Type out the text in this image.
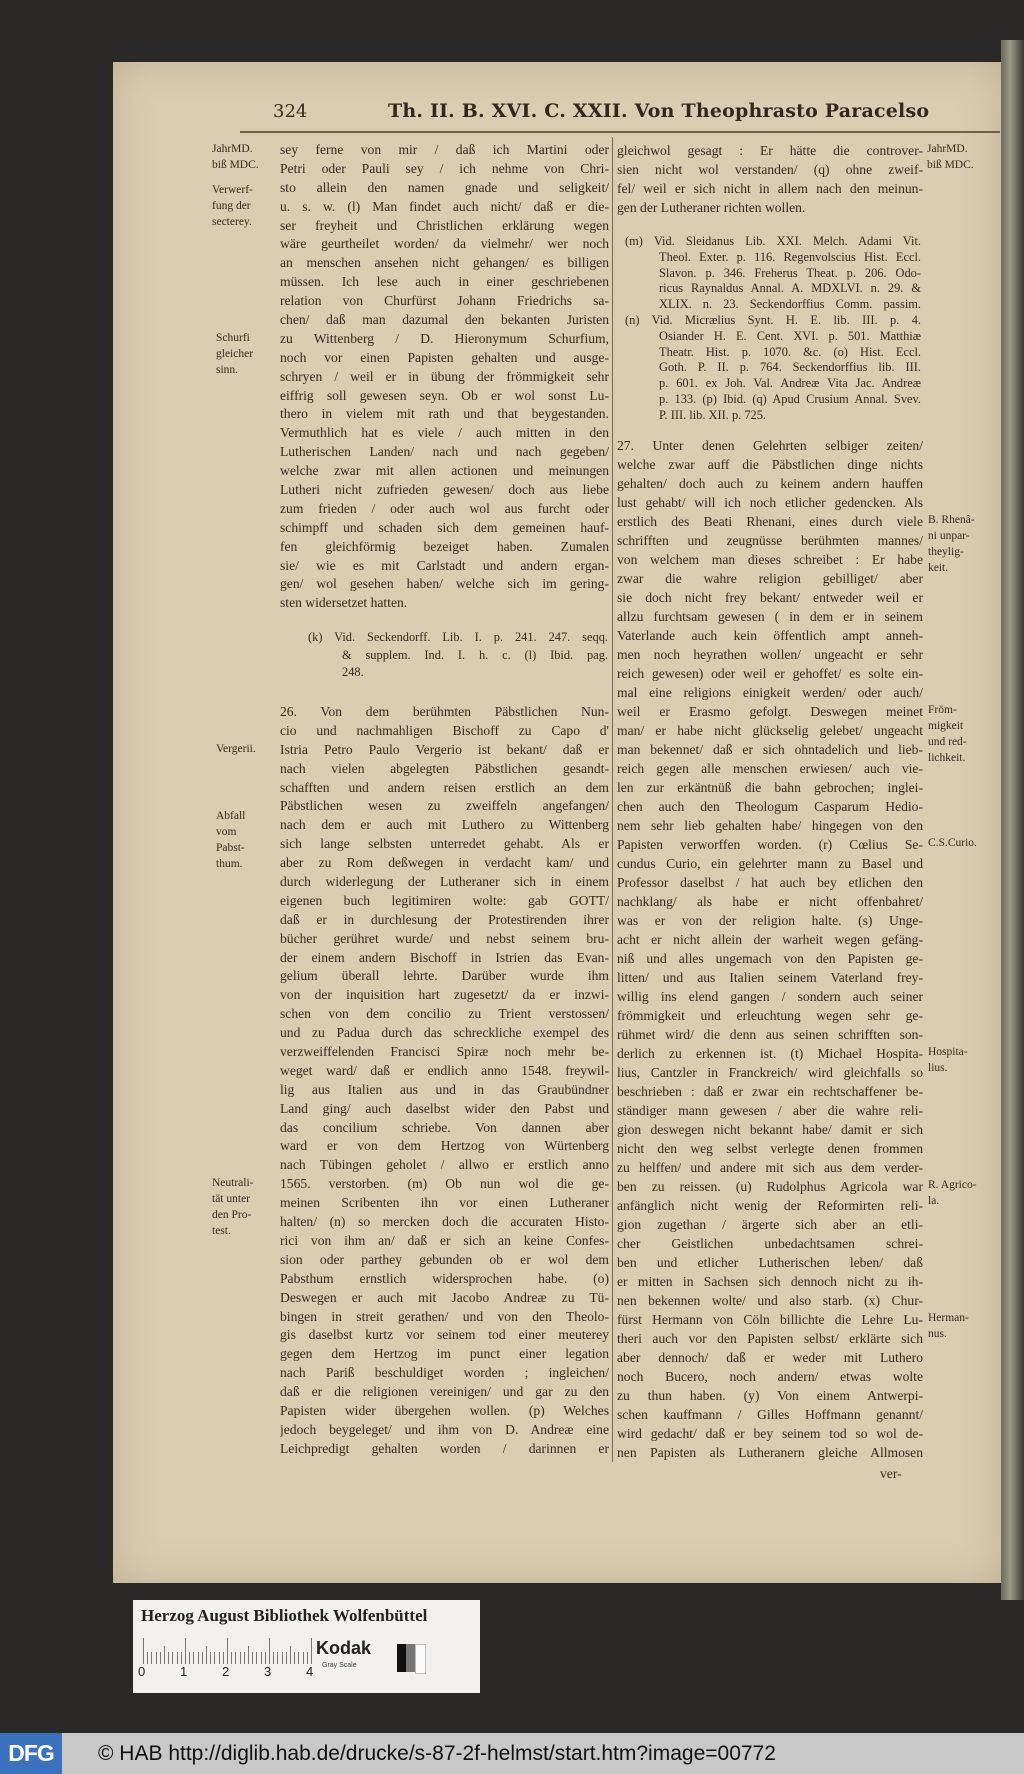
324	Th. II. B. XVI. C. XXII. Von Theophrasto Paracelso
sey ferne von mir / daß ich Martini oder
Petri oder Pauli sey / ich nehme von Chri-
sto allein den namen gnade und seligkeit/
u. s. w. (l) Man findet auch nicht/ daß er die-
ser freyheit und Christlichen erklärung wegen
wäre geurtheilet worden/ da vielmehr/ wer noch
an menschen ansehen nicht gehangen/ es billigen
müssen. Ich lese auch in einer geschriebenen
relation von Churfürst Johann Friedrichs sa-
chen/ daß man dazumal den bekanten Juristen
zu Wittenberg / D. Hieronymum Schurfium,
noch vor einen Papisten gehalten und ausge-
schryen / weil er in übung der frömmigkeit sehr
eiffrig soll gewesen seyn. Ob er wol sonst Lu-
thero in vielem mit rath und that beygestanden.
Vermuthlich hat es viele / auch mitten in den
Lutherischen Landen/ nach und nach gegeben/
welche zwar mit allen actionen und meinungen
Lutheri nicht zufrieden gewesen/ doch aus liebe
zum frieden / oder auch wol aus furcht oder
schimpff und schaden sich dem gemeinen hauf-
fen gleichförmig bezeiget haben. Zumalen
sie/ wie es mit Carlstadt und andern ergan-
gen/ wol gesehen haben/ welche sich im gering-
sten widersetzet hatten.
(k) Vid. Seckendorff. Lib. I. p. 241. 247. seqq.
& supplem. Ind. I. h. c. (l) Ibid. pag.
248.
26. Von dem berühmten Päbstlichen Nun-
cio und nachmahligen Bischoff zu Capo d'
Istria Petro Paulo Vergerio ist bekant/ daß er
nach vielen abgelegten Päbstlichen gesandt-
schafften und andern reisen erstlich an dem
Päbstlichen wesen zu zweiffeln angefangen/
nach dem er auch mit Luthero zu Wittenberg
sich lange selbsten unterredet gehabt. Als er
aber zu Rom deßwegen in verdacht kam/ und
durch widerlegung der Lutheraner sich in einem
eigenen buch legitimiren wolte: gab GOTT/
daß er in durchlesung der Protestirenden ihrer
bücher gerühret wurde/ und nebst seinem bru-
der einem andern Bischoff in Istrien das Evan-
gelium überall lehrte. Darüber wurde ihm
von der inquisition hart zugesetzt/ da er inzwi-
schen von dem concilio zu Trient verstossen/
und zu Padua durch das schreckliche exempel des
verzweiffelenden Francisci Spiræ noch mehr be-
weget ward/ daß er endlich anno 1548. freywil-
lig aus Italien aus und in das Graubündner
Land ging/ auch daselbst wider den Pabst und
das concilium schriebe. Von dannen aber
ward er von dem Hertzog von Würtenberg
nach Tübingen geholet / allwo er erstlich anno
1565. verstorben. (m) Ob nun wol die ge-
meinen Scribenten ihn vor einen Lutheraner
halten/ (n) so mercken doch die accuraten Histo-
rici von ihm an/ daß er sich an keine Confes-
sion oder parthey gebunden ob er wol dem
Pabsthum ernstlich widersprochen habe. (o)
Deswegen er auch mit Jacobo Andreæ zu Tü-
bingen in streit gerathen/ und von den Theolo-
gis daselbst kurtz vor seinem tod einer meuterey
gegen dem Hertzog im punct einer legation
nach Pariß beschuldiget worden ; ingleichen/
daß er die religionen vereinigen/ und gar zu den
Papisten wider übergehen wollen. (p) Welches
jedoch beygeleget/ und ihm von D. Andreæ eine
Leichpredigt gehalten worden / darinnen er
JahrMD.
biß MDC.
Verwerf-
fung der
secterey.
Schurfi
gleicher
sinn.
Vergerii.
Abfall
vom
Pabst-
thum.
Neutrali-
tät unter
den Pro-
test.
gleichwol gesagt : Er hätte die controver-
sien nicht wol verstanden/ (q) ohne zweif-
fel/ weil er sich nicht in allem nach den meinun-
gen der Lutheraner richten wollen.
(m) Vid. Sleidanus Lib. XXI. Melch. Adami Vit.
Theol. Exter. p. 116. Regenvolscius Hist. Eccl.
Slavon. p. 346. Freherus Theat. p. 206. Odo-
ricus Raynaldus Annal. A. MDXLVI. n. 29. &
XLIX. n. 23. Seckendorffius Comm. passim.
(n) Vid. Micrælius Synt. H. E. lib. III. p. 4.
Osiander H. E. Cent. XVI. p. 501. Matthiæ
Theatr. Hist. p. 1070. &c. (o) Hist. Eccl.
Goth. P. II. p. 764. Seckendorffius lib. III.
p. 601. ex Joh. Val. Andreæ Vita Jac. Andreæ
p. 133. (p) Ibid. (q) Apud Crusium Annal. Svev.
P. III. lib. XII. p. 725.
27. Unter denen Gelehrten selbiger zeiten/
welche zwar auff die Päbstlichen dinge nichts
gehalten/ doch auch zu keinem andern hauffen
lust gehabt/ will ich noch etlicher gedencken. Als
erstlich des Beati Rhenani, eines durch viele
schrifften und zeugnüsse berühmten mannes/
von welchem man dieses schreibet : Er habe
zwar die wahre religion gebilliget/ aber
sie doch nicht frey bekant/ entweder weil er
allzu furchtsam gewesen ( in dem er in seinem
Vaterlande auch kein öffentlich ampt anneh-
men noch heyrathen wollen/ ungeacht er sehr
reich gewesen) oder weil er gehoffet/ es solte ein-
mal eine religions einigkeit werden/ oder auch/
weil er Erasmo gefolgt. Deswegen meinet
man/ er habe nicht glückselig gelebet/ ungeacht
man bekennet/ daß er sich ohntadelich und lieb-
reich gegen alle menschen erwiesen/ auch vie-
len zur erkäntnüß die bahn gebrochen; inglei-
chen auch den Theologum Casparum Hedio-
nem sehr lieb gehalten habe/ hingegen von den
Papisten verworffen worden. (r) Cœlius Se-
cundus Curio, ein gelehrter mann zu Basel und
Professor daselbst / hat auch bey etlichen den
nachklang/ als habe er nicht offenbahret/
was er von der religion halte. (s) Unge-
acht er nicht allein der warheit wegen gefäng-
niß und alles ungemach von den Papisten ge-
litten/ und aus Italien seinem Vaterland frey-
willig ins elend gangen / sondern auch seiner
frömmigkeit und erleuchtung wegen sehr ge-
rühmet wird/ die denn aus seinen schrifften son-
derlich zu erkennen ist. (t) Michael Hospita-
lius, Cantzler in Franckreich/ wird gleichfalls so
beschrieben : daß er zwar ein rechtschaffener be-
ständiger mann gewesen / aber die wahre reli-
gion deswegen nicht bekannt habe/ damit er sich
nicht den weg selbst verlegte denen frommen
zu helffen/ und andere mit sich aus dem verder-
ben zu reissen. (u) Rudolphus Agricola war
anfänglich nicht wenig der Reformirten reli-
gion zugethan / ärgerte sich aber an etli-
cher Geistlichen unbedachtsamen schrei-
ben und etlicher Lutherischen leben/ daß
er mitten in Sachsen sich dennoch nicht zu ih-
nen bekennen wolte/ und also starb. (x) Chur-
fürst Hermann von Cöln billichte die Lehre Lu-
theri auch vor den Papisten selbst/ erklärte sich
aber dennoch/ daß er weder mit Luthero
noch Bucero, noch andern/ etwas wolte
zu thun haben. (y) Von einem Antwerpi-
schen kauffmann / Gilles Hoffmann genannt/
wird gedacht/ daß er bey seinem tod so wol de-
nen Papisten als Lutheranern gleiche Allmosen
ver-
JahrMD.
biß MDC.
B. Rhenâ-
ni unpar-
theylig-
keit.
Fröm-
migkeit
und red-
lichkeit.
C.S.Curio.
Hospita-
lius.
R. Agrico-
la.
Herman-
nus.
Herzog August Bibliothek Wolfenbüttel
0	1	2	3	4
Kodak
Gray Scale
DFG	© HAB http://diglib.hab.de/drucke/s-87-2f-helmst/start.htm?image=00772
